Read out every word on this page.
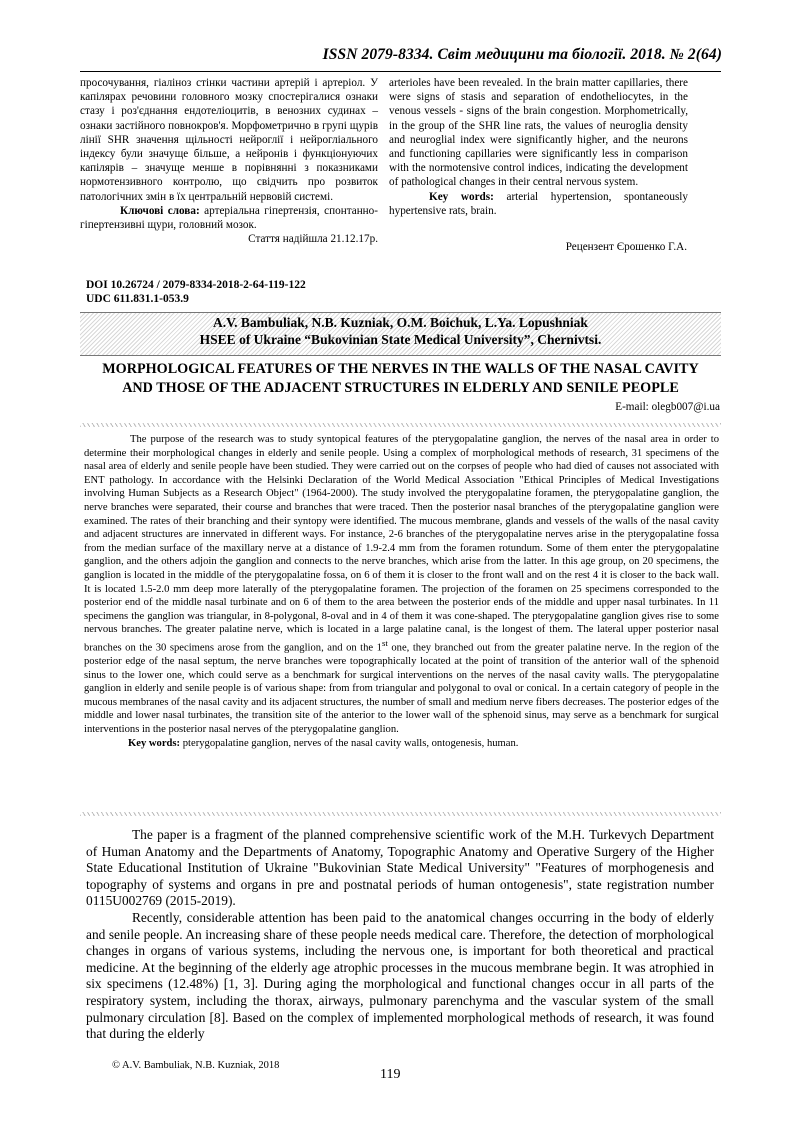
ISSN 2079-8334. Світ медицини та біології. 2018. № 2(64)

просочування, гіаліноз стінки частини артерій і артеріол. У капілярах речовини головного мозку спостерігалися ознаки стазу і роз'єднання ендотеліоцитів, в венозних судинах – ознаки застійного повнокров'я. Морфометрично в групі щурів лінії SHR значення щільності нейроглії і нейрогліального індексу були значуще більше, а нейронів і функціонуючих капілярів – значуще менше в порівнянні з показниками нормотензивного контролю, що свідчить про розвиток патологічних змін в їх центральній нервовій системі.

Ключові слова: артеріальна гіпертензія, спонтанно-гіпертензивні щури, головний мозок.

Стаття надійшла 21.12.17р.

arterioles have been revealed. In the brain matter capillaries, there were signs of stasis and separation of endotheliocytes, in the venous vessels - signs of the brain congestion. Morphometrically, in the group of the SHR line rats, the values of neuroglia density and neuroglial index were significantly higher, and the neurons and functioning capillaries were significantly less in comparison with the normotensive control indices, indicating the development of pathological changes in their central nervous system.

Key words: arterial hypertension, spontaneously hypertensive rats, brain.

Рецензент Єрошенко Г.А.
DOI 10.26724 / 2079-8334-2018-2-64-119-122
UDC 611.831.1-053.9
A.V. Bambuliak, N.B. Kuzniak, O.M. Boichuk, L.Ya. Lopushniak
HSEE of Ukraine “Bukovinian State Medical University”, Chernivtsi.
MORPHOLOGICAL FEATURES OF THE NERVES IN THE WALLS OF THE NASAL CAVITY
AND THOSE OF THE ADJACENT STRUCTURES IN ELDERLY AND SENILE PEOPLE
E-mail: olegb007@i.ua

The purpose of the research was to study syntopical features of the pterygopalatine ganglion, the nerves of the nasal area in order to determine their morphological changes in elderly and senile people. Using a complex of morphological methods of research, 31 specimens of the nasal area of elderly and senile people have been studied. They were carried out on the corpses of people who had died of causes not associated with ENT pathology. In accordance with the Helsinki Declaration of the World Medical Association "Ethical Principles of Medical Investigations involving Human Subjects as a Research Object" (1964-2000). The study involved the pterygopalatine foramen, the pterygopalatine ganglion, the nerve branches were separated, their course and branches that were traced. Then the posterior nasal branches of the pterygopalatine ganglion were examined. The rates of their branching and their syntopy were identified. The mucous membrane, glands and vessels of the walls of the nasal cavity and adjacent structures are innervated in different ways. For instance, 2-6 branches of the pterygopalatine nerves arise in the pterygopalatine fossa from the median surface of the maxillary nerve at a distance of 1.9-2.4 mm from the foramen rotundum. Some of them enter the pterygopalatine ganglion, and the others adjoin the ganglion and connects to the nerve branches, which arise from the latter. In this age group, on 20 specimens, the ganglion is located in the middle of the pterygopalatine fossa, on 6 of them it is closer to the front wall and on the rest 4 it is closer to the back wall. It is located 1.5-2.0 mm deep more laterally of the pterygopalatine foramen. The projection of the foramen on 25 specimens corresponded to the posterior end of the middle nasal turbinate and on 6 of them to the area between the posterior ends of the middle and upper nasal turbinates. In 11 specimens the ganglion was triangular, in 8-polygonal, 8-oval and in 4 of them it was cone-shaped. The pterygopalatine ganglion gives rise to some nervous branches. The greater palatine nerve, which is located in a large palatine canal, is the longest of them. The lateral upper posterior nasal branches on the 30 specimens arose from the ganglion, and on the 1st one, they branched out from the greater palatine nerve. In the region of the posterior edge of the nasal septum, the nerve branches were topographically located at the point of transition of the anterior wall of the sphenoid sinus to the lower one, which could serve as a benchmark for surgical interventions on the nerves of the nasal cavity walls. The pterygopalatine ganglion in elderly and senile people is of various shape: from from triangular and polygonal to oval or conical. In a certain category of people in the mucous membranes of the nasal cavity and its adjacent structures, the number of small and medium nerve fibers decreases. The posterior edges of the middle and lower nasal turbinates, the transition site of the anterior to the lower wall of the sphenoid sinus, may serve as a benchmark for surgical interventions in the posterior nasal nerves of the pterygopalatine ganglion.

Key words: pterygopalatine ganglion, nerves of the nasal cavity walls, ontogenesis, human.

The paper is a fragment of the planned comprehensive scientific work of the M.H. Turkevych Department of Human Anatomy and the Departments of Anatomy, Topographic Anatomy and Operative Surgery of the Higher State Educational Institution of Ukraine "Bukovinian State Medical University" "Features of morphogenesis and topography of systems and organs in pre and postnatal periods of human ontogenesis", state registration number 0115U002769 (2015-2019).

Recently, considerable attention has been paid to the anatomical changes occurring in the body of elderly and senile people. An increasing share of these people needs medical care. Therefore, the detection of morphological changes in organs of various systems, including the nervous one, is important for both theoretical and practical medicine. At the beginning of the elderly age atrophic processes in the mucous membrane begin. It was atrophied in six specimens (12.48%) [1, 3]. During aging the morphological and functional changes occur in all parts of the respiratory system, including the thorax, airways, pulmonary parenchyma and the vascular system of the small pulmonary circulation [8]. Based on the complex of implemented morphological methods of research, it was found that during the elderly

© A.V. Bambuliak, N.B. Kuzniak, 2018
119
